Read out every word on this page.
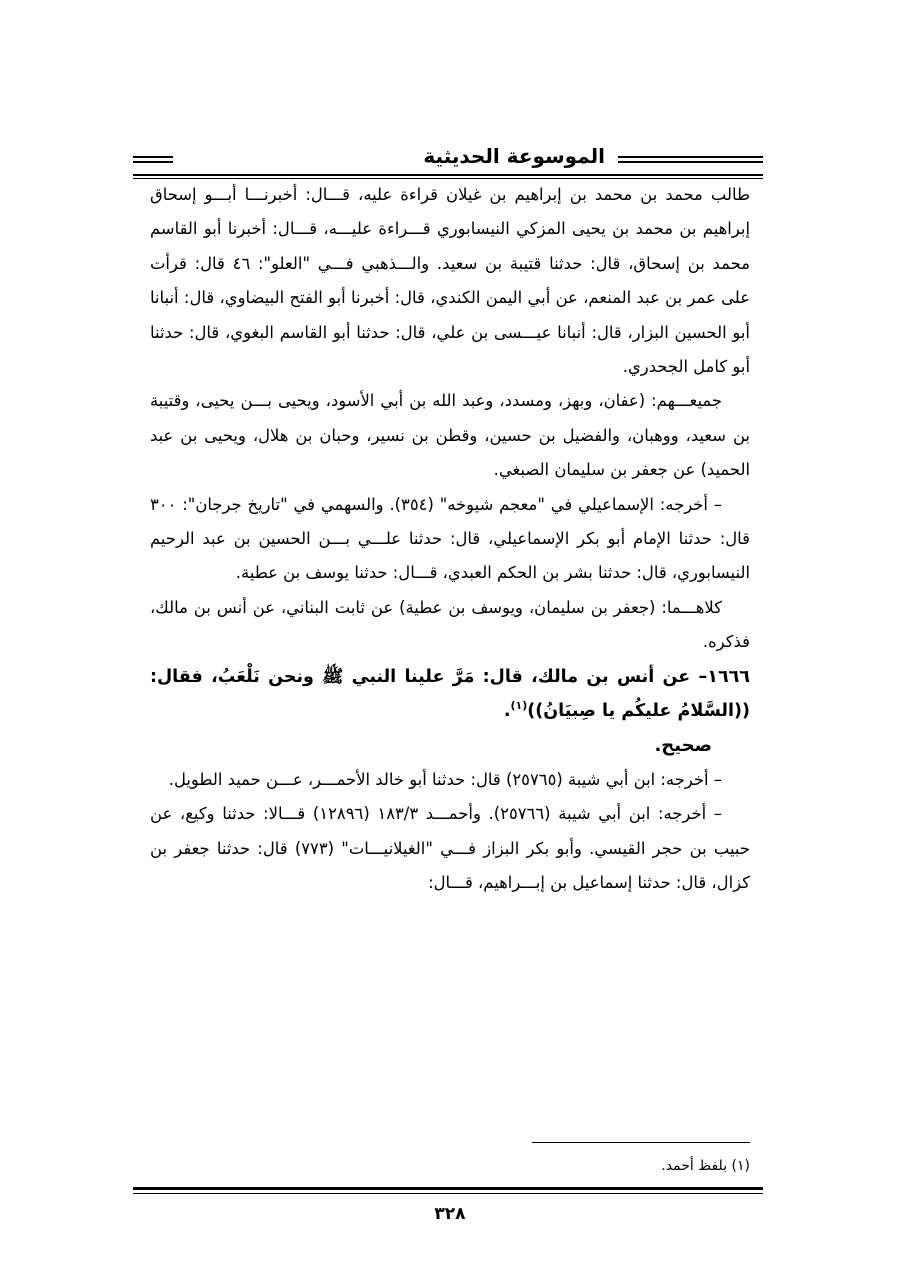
الموسوعة الحديثية

طالب محمد بن محمد بن إبراهيم بن غيلان قراءة عليه، قـــال: أخبرنـــا أبـــو إسحاق إبراهيم بن محمد بن يحيى المزكي النيسابوري قـــراءة عليـــه، قـــال: أخبرنا أبو القاسم محمد بن إسحاق، قال: حدثنا قتيبة بن سعيد. والـــذهبي فـــي "العلو": ٤٦ قال: قرأت على عمر بن عبد المنعم، عن أبي اليمن الكندي، قال: أخبرنا أبو الفتح البيضاوي، قال: أنبانا أبو الحسين البزار، قال: أنبانا عيـــسى بن علي، قال: حدثنا أبو القاسم البغوي، قال: حدثنا أبو كامل الجحدري.

جميعـــهم: (عفان، وبهز، ومسدد، وعبد الله بن أبي الأسود، ويحيى بـــن يحيى، وقتيبة بن سعيد، ووهبان، والفضيل بن حسين، وقطن بن نسير، وحبان بن هلال، ويحيى بن عبد الحميد) عن جعفر بن سليمان الصبغي.

– أخرجه: الإسماعيلي في "معجم شيوخه" (٣٥٤). والسهمي في "تاريخ جرجان": ٣٠٠ قال: حدثنا الإمام أبو بكر الإسماعيلي، قال: حدثنا علـــي بـــن الحسين بن عبد الرحيم النيسابوري، قال: حدثنا بشر بن الحكم العبدي، قـــال: حدثنا يوسف بن عطية.

كلاهـــما: (جعفر بن سليمان، ويوسف بن عطية) عن ثابت البناني، عن أنس بن مالك، فذكره.

١٦٦٦– عن أنس بن مالك، قال: مَرَّ علينا النبي ﷺ ونحن نَلْعَبُ، فقال: ((السَّلامُ عليكُم يا صِبيَانُ))$^{(١)}$.

صحيح.

– أخرجه: ابن أبي شيبة (٢٥٧٦٥) قال: حدثنا أبو خالد الأحمـــر، عـــن حميد الطويل.

– أخرجه: ابن أبي شيبة (٢٥٧٦٦). وأحمـــد ١٨٣/٣ (١٢٨٩٦) قـــالا: حدثنا وكيع، عن حبيب بن حجر القيسي. وأبو بكر البزاز فـــي "الغيلانيـــات" (٧٧٣) قال: حدثنا جعفر بن كزال، قال: حدثنا إسماعيل بن إبـــراهيم، قـــال:

(١) بلفظ أحمد.
٣٢٨
